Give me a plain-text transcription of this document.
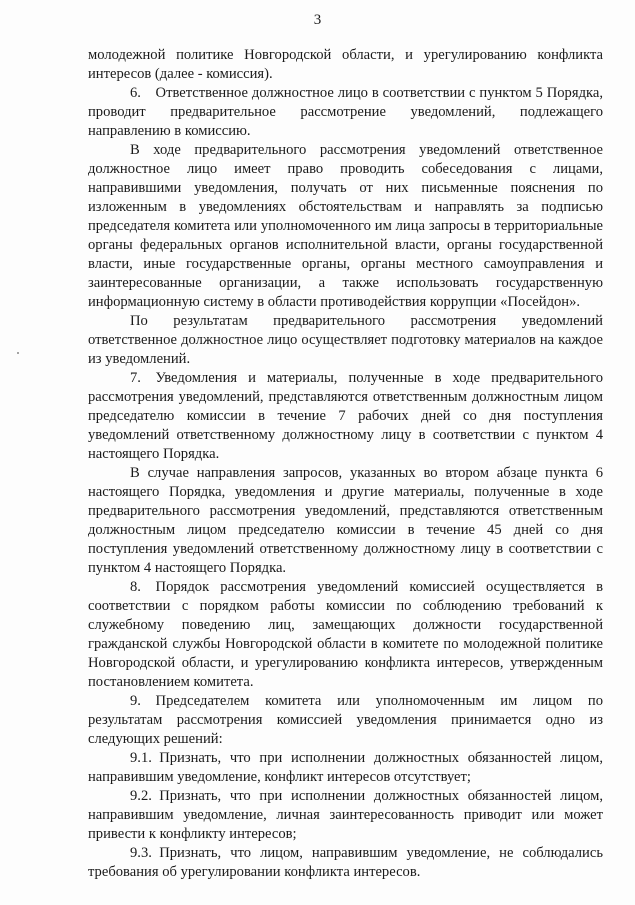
3

молодежной политике Новгородской области, и урегулированию конфликта интересов (далее - комиссия).

6. Ответственное должностное лицо в соответствии с пунктом 5 Порядка, проводит предварительное рассмотрение уведомлений, подлежащего направлению в комиссию.

В ходе предварительного рассмотрения уведомлений ответственное должностное лицо имеет право проводить собеседования с лицами, направившими уведомления, получать от них письменные пояснения по изложенным в уведомлениях обстоятельствам и направлять за подписью председателя комитета или уполномоченного им лица запросы в территориальные органы федеральных органов исполнительной власти, органы государственной власти, иные государственные органы, органы местного самоуправления и заинтересованные организации, а также использовать государственную информационную систему в области противодействия коррупции «Посейдон».

По результатам предварительного рассмотрения уведомлений ответственное должностное лицо осуществляет подготовку материалов на каждое из уведомлений.

7. Уведомления и материалы, полученные в ходе предварительного рассмотрения уведомлений, представляются ответственным должностным лицом председателю комиссии в течение 7 рабочих дней со дня поступления уведомлений ответственному должностному лицу в соответствии с пунктом 4 настоящего Порядка.

В случае направления запросов, указанных во втором абзаце пункта 6 настоящего Порядка, уведомления и другие материалы, полученные в ходе предварительного рассмотрения уведомлений, представляются ответственным должностным лицом председателю комиссии в течение 45 дней со дня поступления уведомлений ответственному должностному лицу в соответствии с пунктом 4 настоящего Порядка.

8. Порядок рассмотрения уведомлений комиссией осуществляется в соответствии с порядком работы комиссии по соблюдению требований к служебному поведению лиц, замещающих должности государственной гражданской службы Новгородской области в комитете по молодежной политике Новгородской области, и урегулированию конфликта интересов, утвержденным постановлением комитета.

9. Председателем комитета или уполномоченным им лицом по результатам рассмотрения комиссией уведомления принимается одно из следующих решений:

9.1. Признать, что при исполнении должностных обязанностей лицом, направившим уведомление, конфликт интересов отсутствует;

9.2. Признать, что при исполнении должностных обязанностей лицом, направившим уведомление, личная заинтересованность приводит или может привести к конфликту интересов;

9.3. Признать, что лицом, направившим уведомление, не соблюдались требования об урегулировании конфликта интересов.
